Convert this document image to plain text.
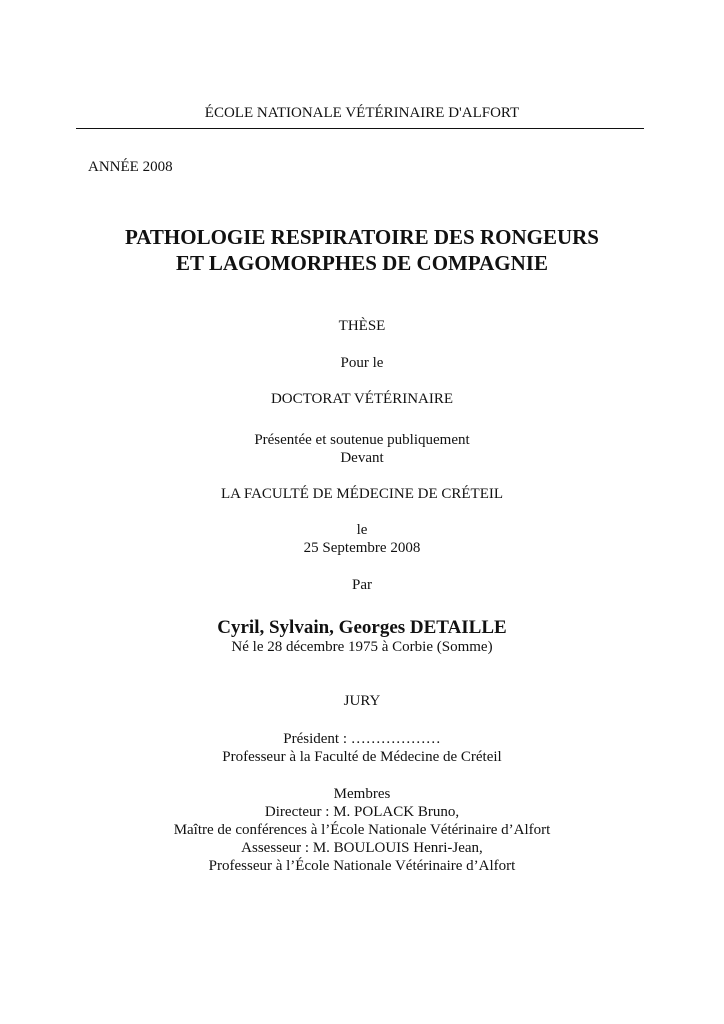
ÉCOLE NATIONALE VÉTÉRINAIRE D'ALFORT
ANNÉE 2008
PATHOLOGIE RESPIRATOIRE DES RONGEURS
ET LAGOMORPHES DE COMPAGNIE
THÈSE
Pour le
DOCTORAT VÉTÉRINAIRE
Présentée et soutenue publiquement
Devant
LA FACULTÉ DE MÉDECINE DE CRÉTEIL
le
25 Septembre 2008
Par
Cyril, Sylvain, Georges DETAILLE
Né le 28 décembre 1975 à Corbie (Somme)
JURY
Président : ………………
Professeur à la Faculté de Médecine de Créteil
Membres
Directeur : M. POLACK Bruno,
Maître de conférences à l’École Nationale Vétérinaire d’Alfort
Assesseur : M. BOULOUIS Henri-Jean,
Professeur à l’École Nationale Vétérinaire d’Alfort
